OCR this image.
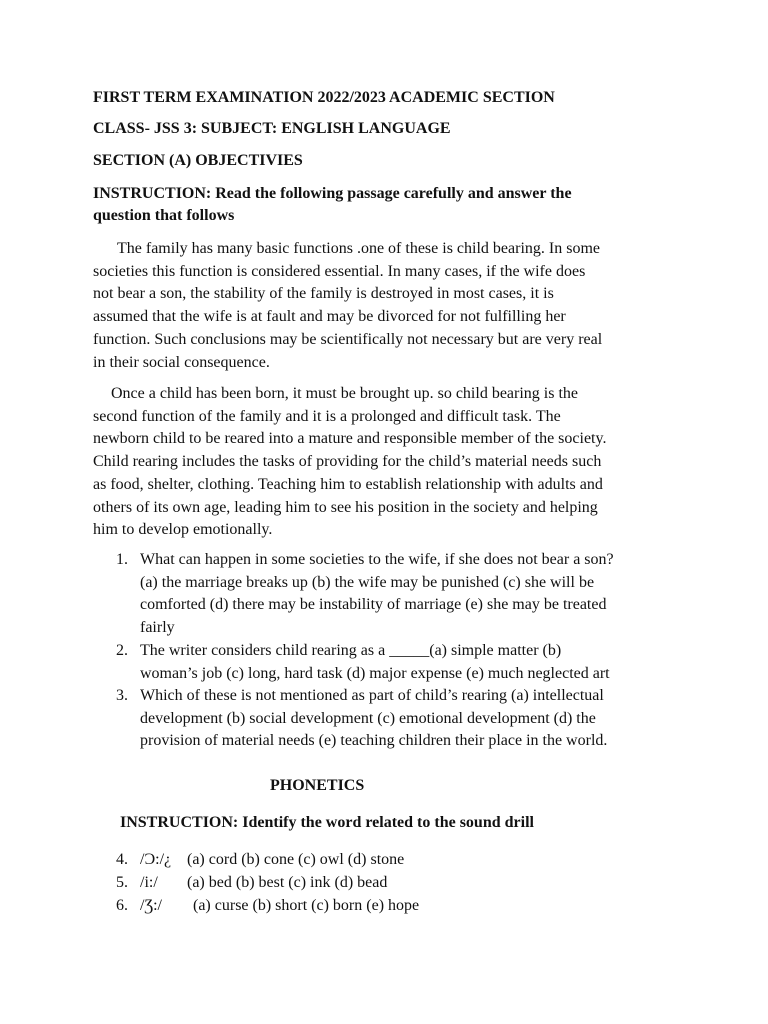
FIRST TERM EXAMINATION 2022/2023 ACADEMIC SECTION
CLASS- JSS 3: SUBJECT: ENGLISH LANGUAGE
SECTION (A) OBJECTIVIES
INSTRUCTION: Read the following passage carefully and answer the
question that follows
The family has many basic functions .one of these is child bearing. In some
societies this function is considered essential. In many cases, if the wife does
not bear a son, the stability of the family is destroyed in most cases, it is
assumed that the wife is at fault and may be divorced for not fulfilling her
function. Such conclusions may be scientifically not necessary but are very real
in their social consequence.
Once a child has been born, it must be brought up. so child bearing is the
second function of the family and it is a prolonged and difficult task. The
newborn child to be reared into a mature and responsible member of the society.
Child rearing includes the tasks of providing for the child’s material needs such
as food, shelter, clothing. Teaching him to establish relationship with adults and
others of its own age, leading him to see his position in the society and helping
him to develop emotionally.
1. What can happen in some societies to the wife, if she does not bear a son?
(a) the marriage breaks up (b) the wife may be punished (c) she will be
comforted (d) there may be instability of marriage (e) she may be treated
fairly
2. The writer considers child rearing as a _____(a) simple matter (b)
woman’s job (c) long, hard task (d) major expense (e) much neglected art
3. Which of these is not mentioned as part of child’s rearing (a) intellectual
development (b) social development (c) emotional development (d) the
provision of material needs (e) teaching children their place in the world.
PHONETICS
INSTRUCTION: Identify the word related to the sound drill
4. /Ɔ:/¿ (a) cord (b) cone (c) owl (d) stone
5. /i:/ (a) bed (b) best (c) ink (d) bead
6. /Ʒ:/ (a) curse (b) short (c) born (e) hope
